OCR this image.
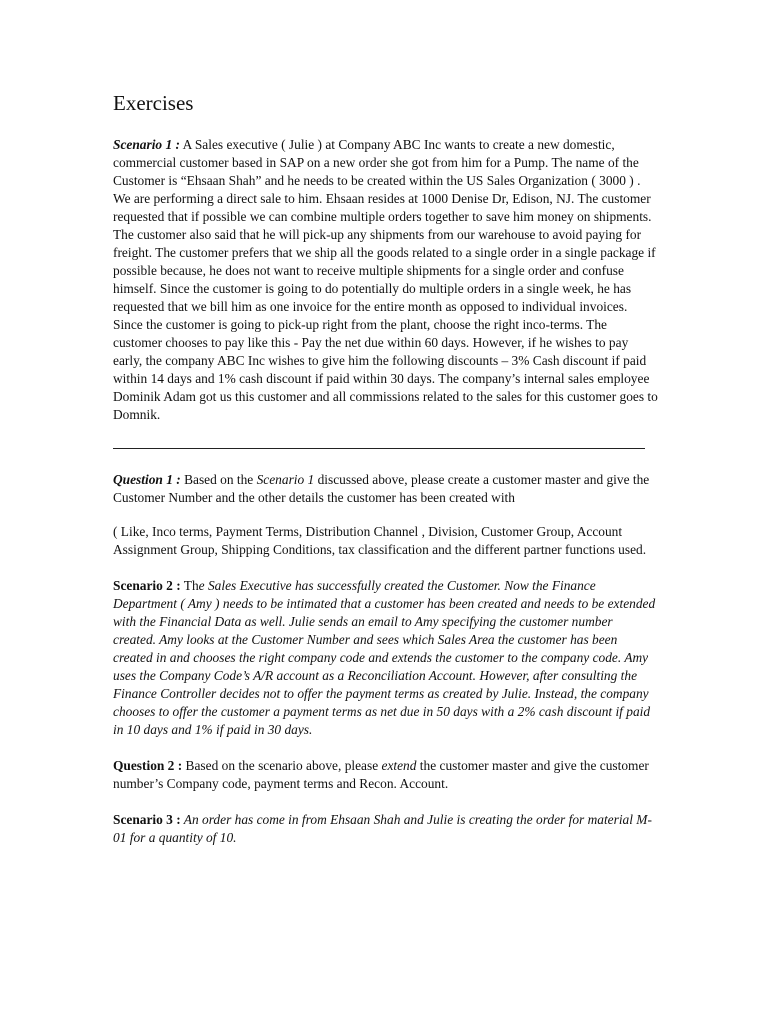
Exercises

Scenario 1 : A Sales executive ( Julie ) at Company ABC Inc wants to create a new domestic, commercial customer based in SAP on a new order she got from him for a Pump. The name of the Customer is “Ehsaan Shah” and he needs to be created within the US Sales Organization ( 3000 ) . We are performing a direct sale to him. Ehsaan resides at 1000 Denise Dr, Edison, NJ. The customer requested that if possible we can combine multiple orders together to save him money on shipments. The customer also said that he will pick-up any shipments from our warehouse to avoid paying for freight. The customer prefers that we ship all the goods related to a single order in a single package if possible because, he does not want to receive multiple shipments for a single order and confuse himself. Since the customer is going to do potentially do multiple orders in a single week, he has requested that we bill him as one invoice for the entire month as opposed to individual invoices. Since the customer is going to pick-up right from the plant, choose the right inco-terms. The customer chooses to pay like this - Pay the net due within 60 days. However, if he wishes to pay early, the company ABC Inc wishes to give him the following discounts – 3% Cash discount if paid within 14 days and 1% cash discount if paid within 30 days. The company’s internal sales employee Dominik Adam got us this customer and all commissions related to the sales for this customer goes to Domnik.

Question 1 : Based on the Scenario 1 discussed above, please create a customer master and give the Customer Number and the other details the customer has been created with

( Like, Inco terms, Payment Terms, Distribution Channel , Division, Customer Group, Account Assignment Group, Shipping Conditions, tax classification and the different partner functions used.

Scenario 2 : The Sales Executive has successfully created the Customer. Now the Finance Department ( Amy ) needs to be intimated that a customer has been created and needs to be extended with the Financial Data as well. Julie sends an email to Amy specifying the customer number created. Amy looks at the Customer Number and sees which Sales Area the customer has been created in and chooses the right company code and extends the customer to the company code. Amy uses the Company Code’s A/R account as a Reconciliation Account. However, after consulting the Finance Controller decides not to offer the payment terms as created by Julie. Instead, the company chooses to offer the customer a payment terms as net due in 50 days with a 2% cash discount if paid in 10 days and 1% if paid in 30 days.

Question 2 : Based on the scenario above, please extend the customer master and give the customer number’s Company code, payment terms and Recon. Account.

Scenario 3 : An order has come in from Ehsaan Shah and Julie is creating the order for material M-01 for a quantity of 10.
